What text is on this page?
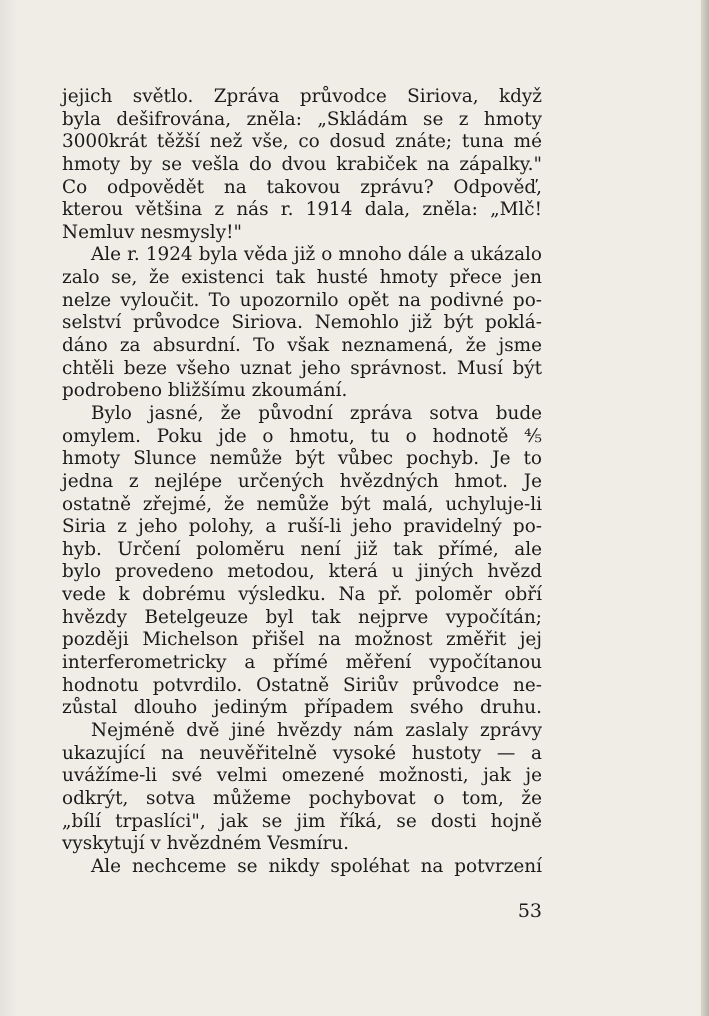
jejich světlo. Zpráva průvodce Siriova, když
byla dešifrována, zněla: „Skládám se z hmoty
3000krát těžší než vše, co dosud znáte; tuna mé
hmoty by se vešla do dvou krabiček na zápalky."
Co odpovědět na takovou zprávu? Odpověď,
kterou většina z nás r. 1914 dala, zněla: „Mlč!
Nemluv nesmysly!"
Ale r. 1924 byla věda již o mnoho dále a ukázalo
zalo se, že existenci tak husté hmoty přece jen
nelze vyloučit. To upozornilo opět na podivné po-
selství průvodce Siriova. Nemohlo již být poklá-
dáno za absurdní. To však neznamená, že jsme
chtěli beze všeho uznat jeho správnost. Musí být
podrobeno bližšímu zkoumání.
Bylo jasné, že původní zpráva sotva bude
omylem. Poku jde o hmotu, tu o hodnotě ⅘
hmoty Slunce nemůže být vůbec pochyb. Je to
jedna z nejlépe určených hvězdných hmot. Je
ostatně zřejmé, že nemůže být malá, uchyluje-li
Siria z jeho polohy, a ruší-li jeho pravidelný po-
hyb. Určení poloměru není již tak přímé, ale
bylo provedeno metodou, která u jiných hvězd
vede k dobrému výsledku. Na př. poloměr obří
hvězdy Betelgeuze byl tak nejprve vypočítán;
později Michelson přišel na možnost změřit jej
interferometricky a přímé měření vypočítanou
hodnotu potvrdilo. Ostatně Siriův průvodce ne-
zůstal dlouho jediným případem svého druhu.
Nejméně dvě jiné hvězdy nám zaslaly zprávy
ukazující na neuvěřitelně vysoké hustoty — a
uvážíme-li své velmi omezené možnosti, jak je
odkrýt, sotva můžeme pochybovat o tom, že
„bílí trpaslíci", jak se jim říká, se dosti hojně
vyskytují v hvězdném Vesmíru.
Ale nechceme se nikdy spoléhat na potvrzení
53
